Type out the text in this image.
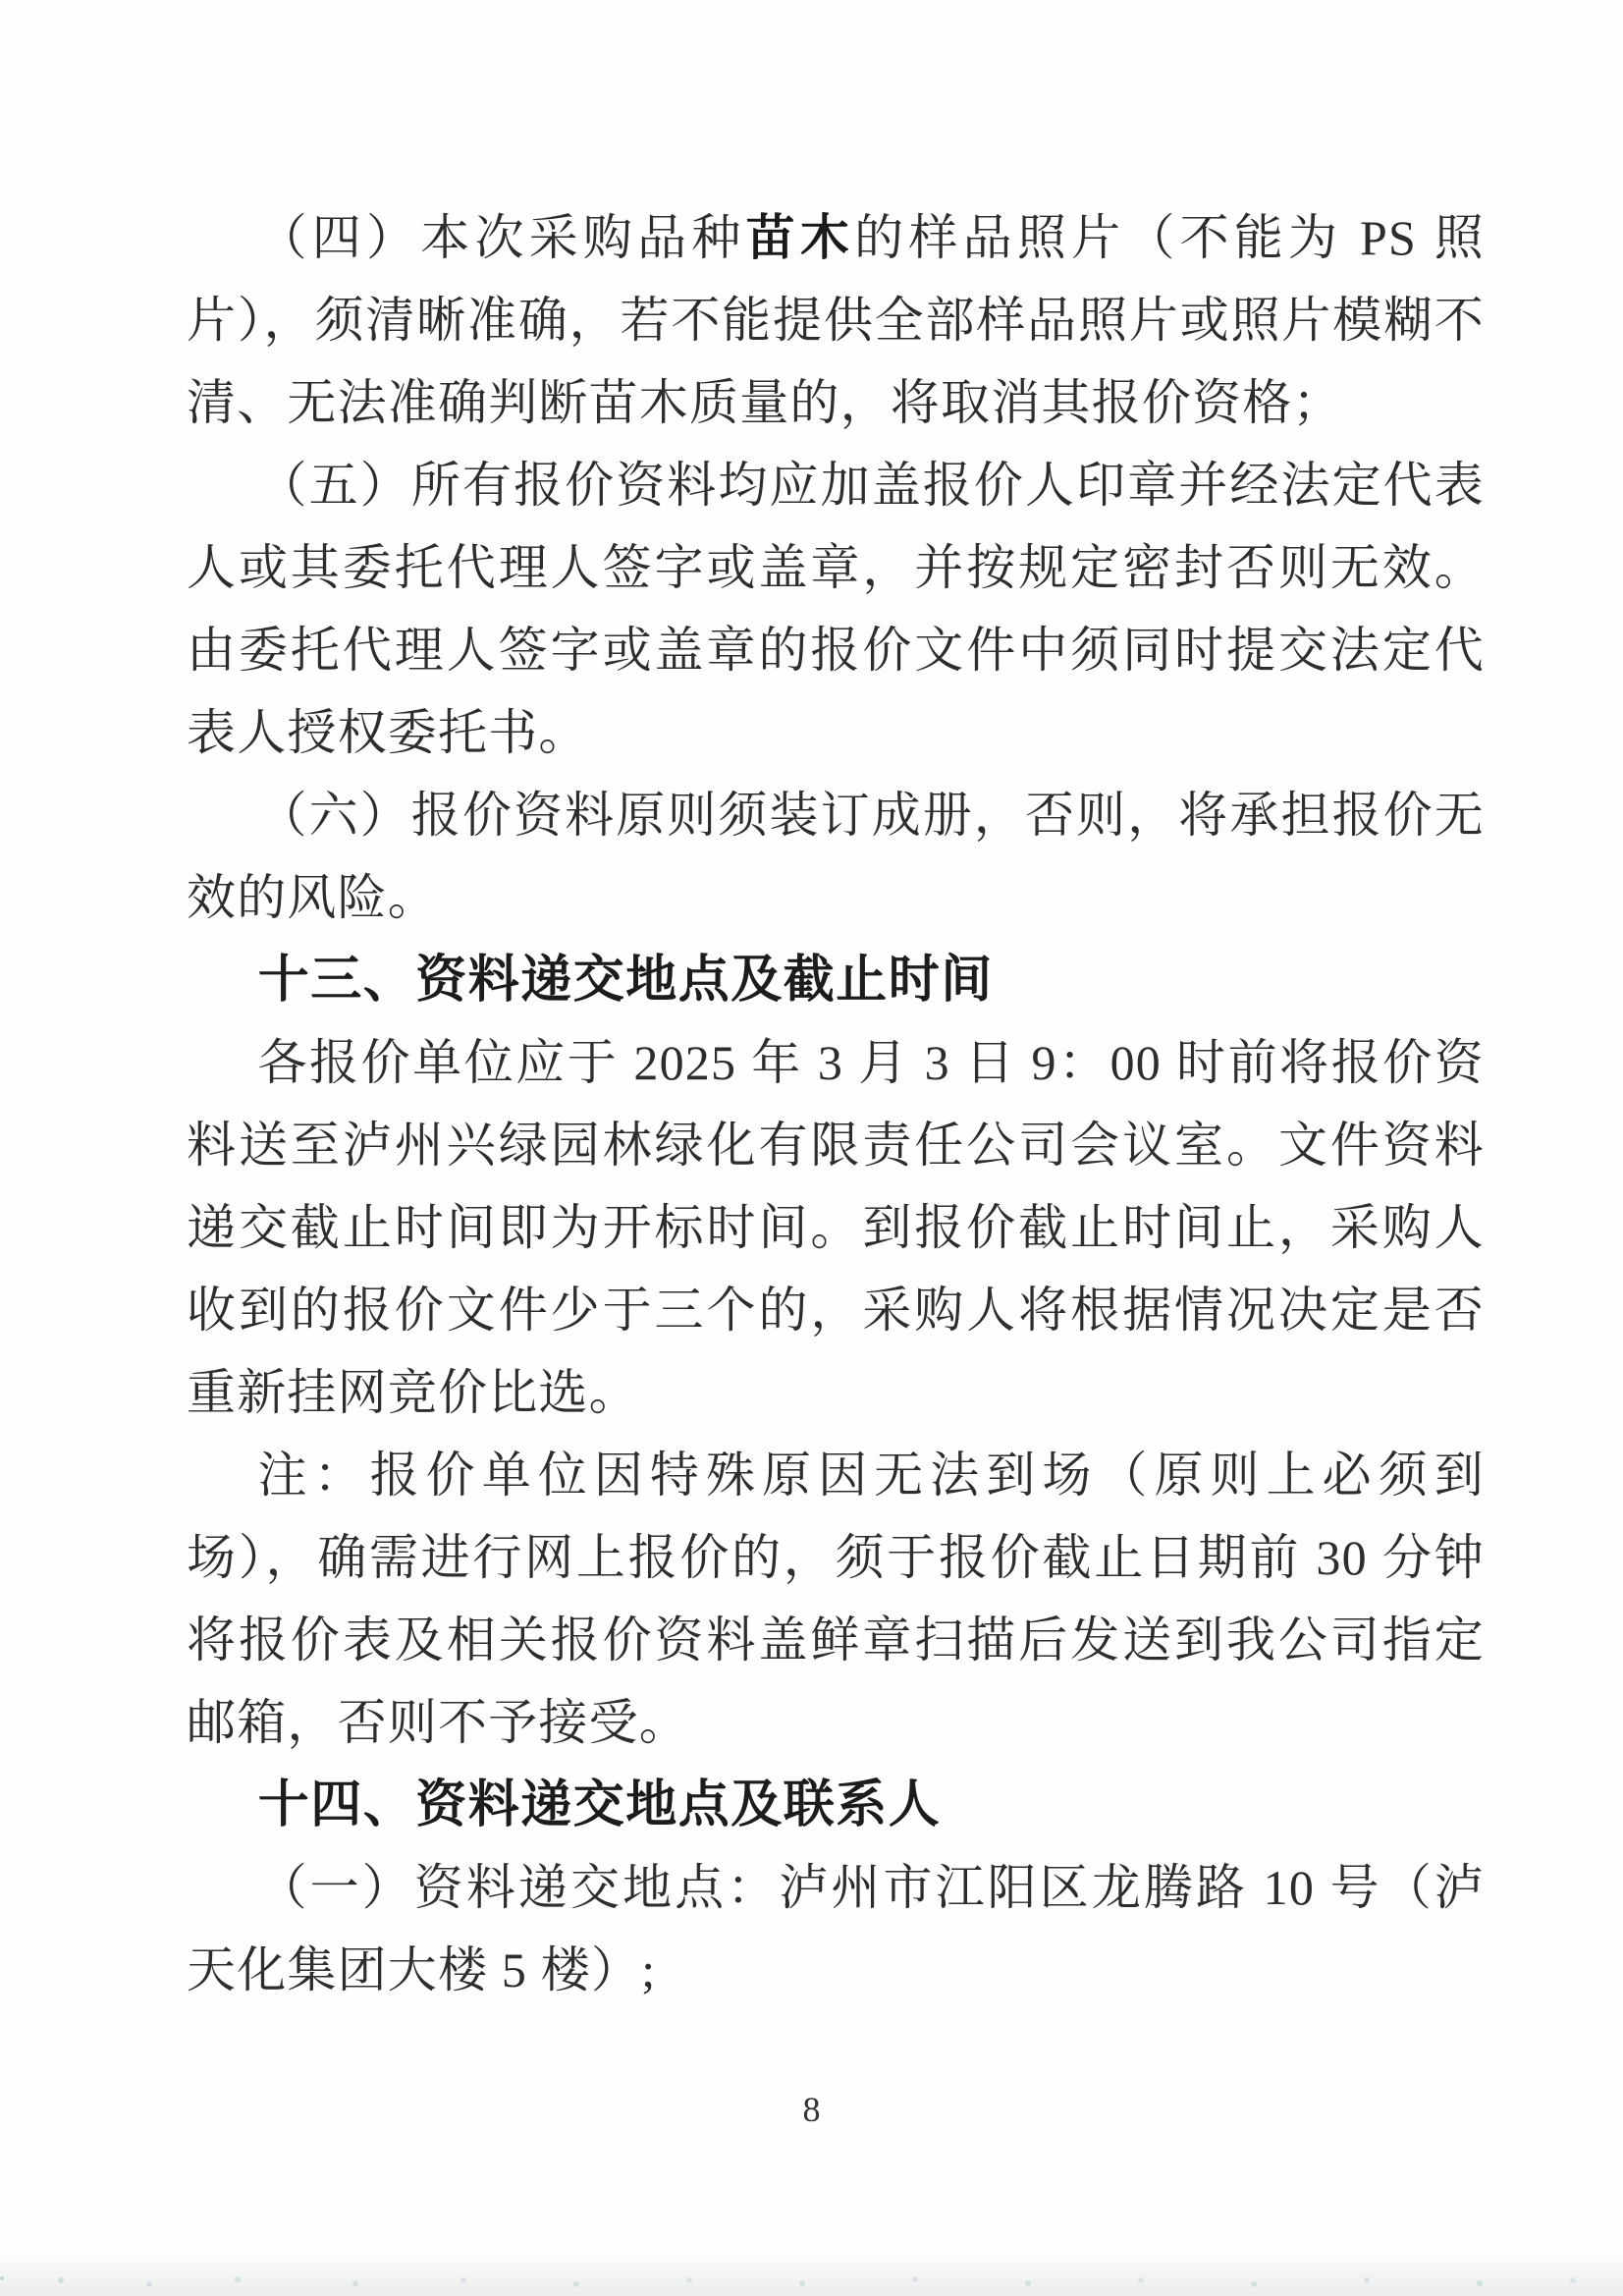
（四）本次采购品种苗木的样品照片（不能为 PS 照片），须清晰准确，若不能提供全部样品照片或照片模糊不清、无法准确判断苗木质量的，将取消其报价资格；

（五）所有报价资料均应加盖报价人印章并经法定代表人或其委托代理人签字或盖章，并按规定密封否则无效。由委托代理人签字或盖章的报价文件中须同时提交法定代表人授权委托书。

（六）报价资料原则须装订成册，否则，将承担报价无效的风险。

十三、资料递交地点及截止时间

各报价单位应于 2025 年 3 月 3 日 9：00 时前将报价资料送至泸州兴绿园林绿化有限责任公司会议室。文件资料递交截止时间即为开标时间。到报价截止时间止，采购人收到的报价文件少于三个的，采购人将根据情况决定是否重新挂网竞价比选。

注：报价单位因特殊原因无法到场（原则上必须到场），确需进行网上报价的，须于报价截止日期前 30 分钟将报价表及相关报价资料盖鲜章扫描后发送到我公司指定邮箱，否则不予接受。

十四、资料递交地点及联系人

（一）资料递交地点：泸州市江阳区龙腾路 10 号（泸天化集团大楼 5 楼）;

8
